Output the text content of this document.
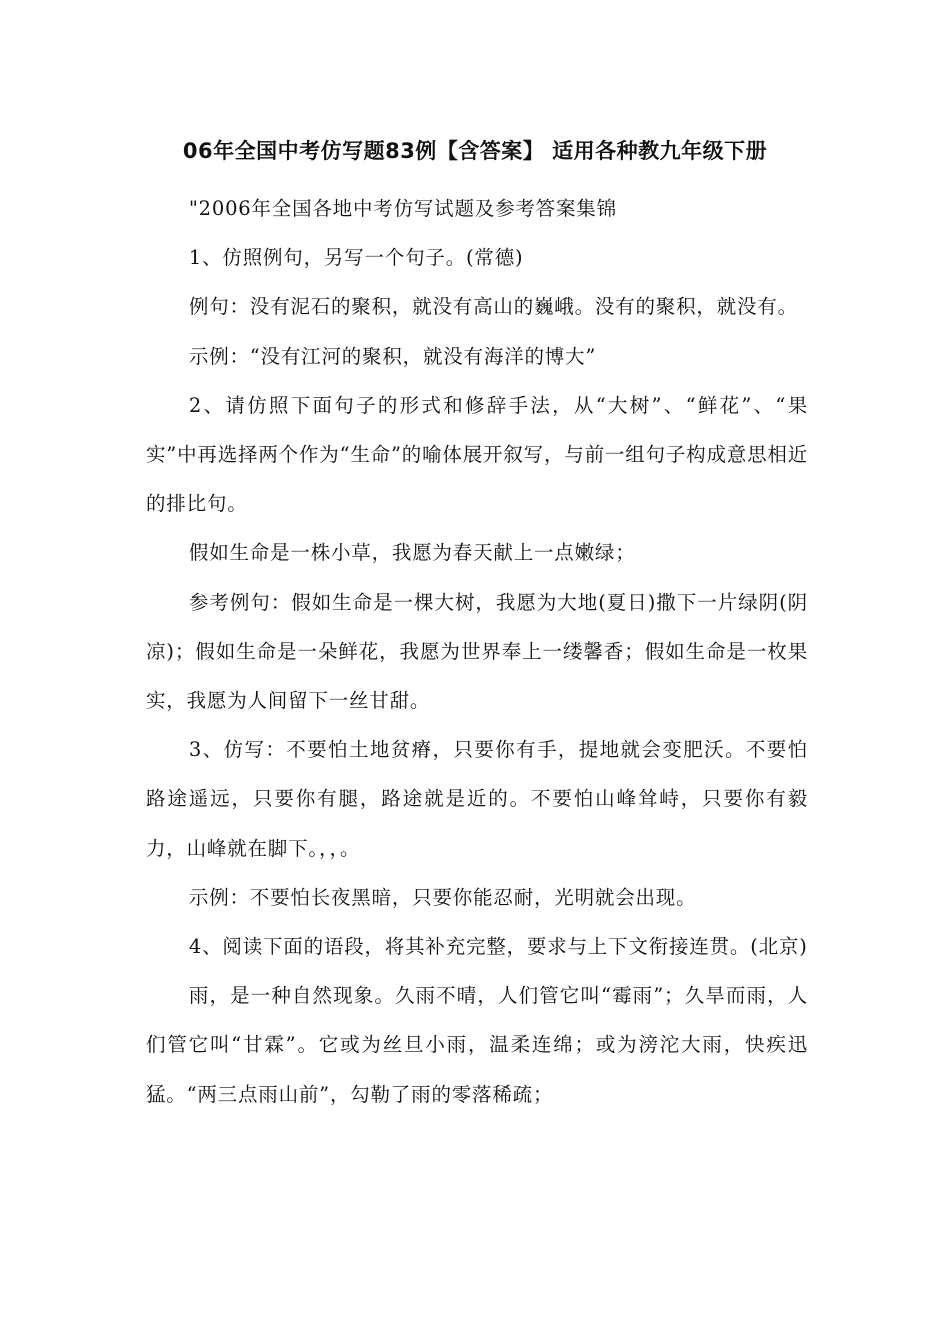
06年全国中考仿写题83例【含答案】 适用各种教九年级下册

"2006年全国各地中考仿写试题及参考答案集锦

1、仿照例句，另写一个句子。(常德)

例句：没有泥石的聚积，就没有高山的巍峨。没有的聚积，就没有。

示例：“没有江河的聚积，就没有海洋的博大”

2、请仿照下面句子的形式和修辞手法，从“大树”、“鲜花”、“果实”中再选择两个作为“生命”的喻体展开叙写，与前一组句子构成意思相近的排比句。

假如生命是一株小草，我愿为春天献上一点嫩绿；

参考例句：假如生命是一棵大树，我愿为大地(夏日)撒下一片绿阴(阴凉)；假如生命是一朵鲜花，我愿为世界奉上一缕馨香；假如生命是一枚果实，我愿为人间留下一丝甘甜。

3、仿写：不要怕土地贫瘠，只要你有手，提地就会变肥沃。不要怕路途遥远，只要你有腿，路途就是近的。不要怕山峰耸峙，只要你有毅力，山峰就在脚下。，，。

示例：不要怕长夜黑暗，只要你能忍耐，光明就会出现。

4、阅读下面的语段，将其补充完整，要求与上下文衔接连贯。(北京)

雨，是一种自然现象。久雨不晴，人们管它叫“霉雨”；久旱而雨，人们管它叫“甘霖”。它或为丝旦小雨，温柔连绵；或为滂沱大雨，快疾迅猛。“两三点雨山前”，勾勒了雨的零落稀疏；
